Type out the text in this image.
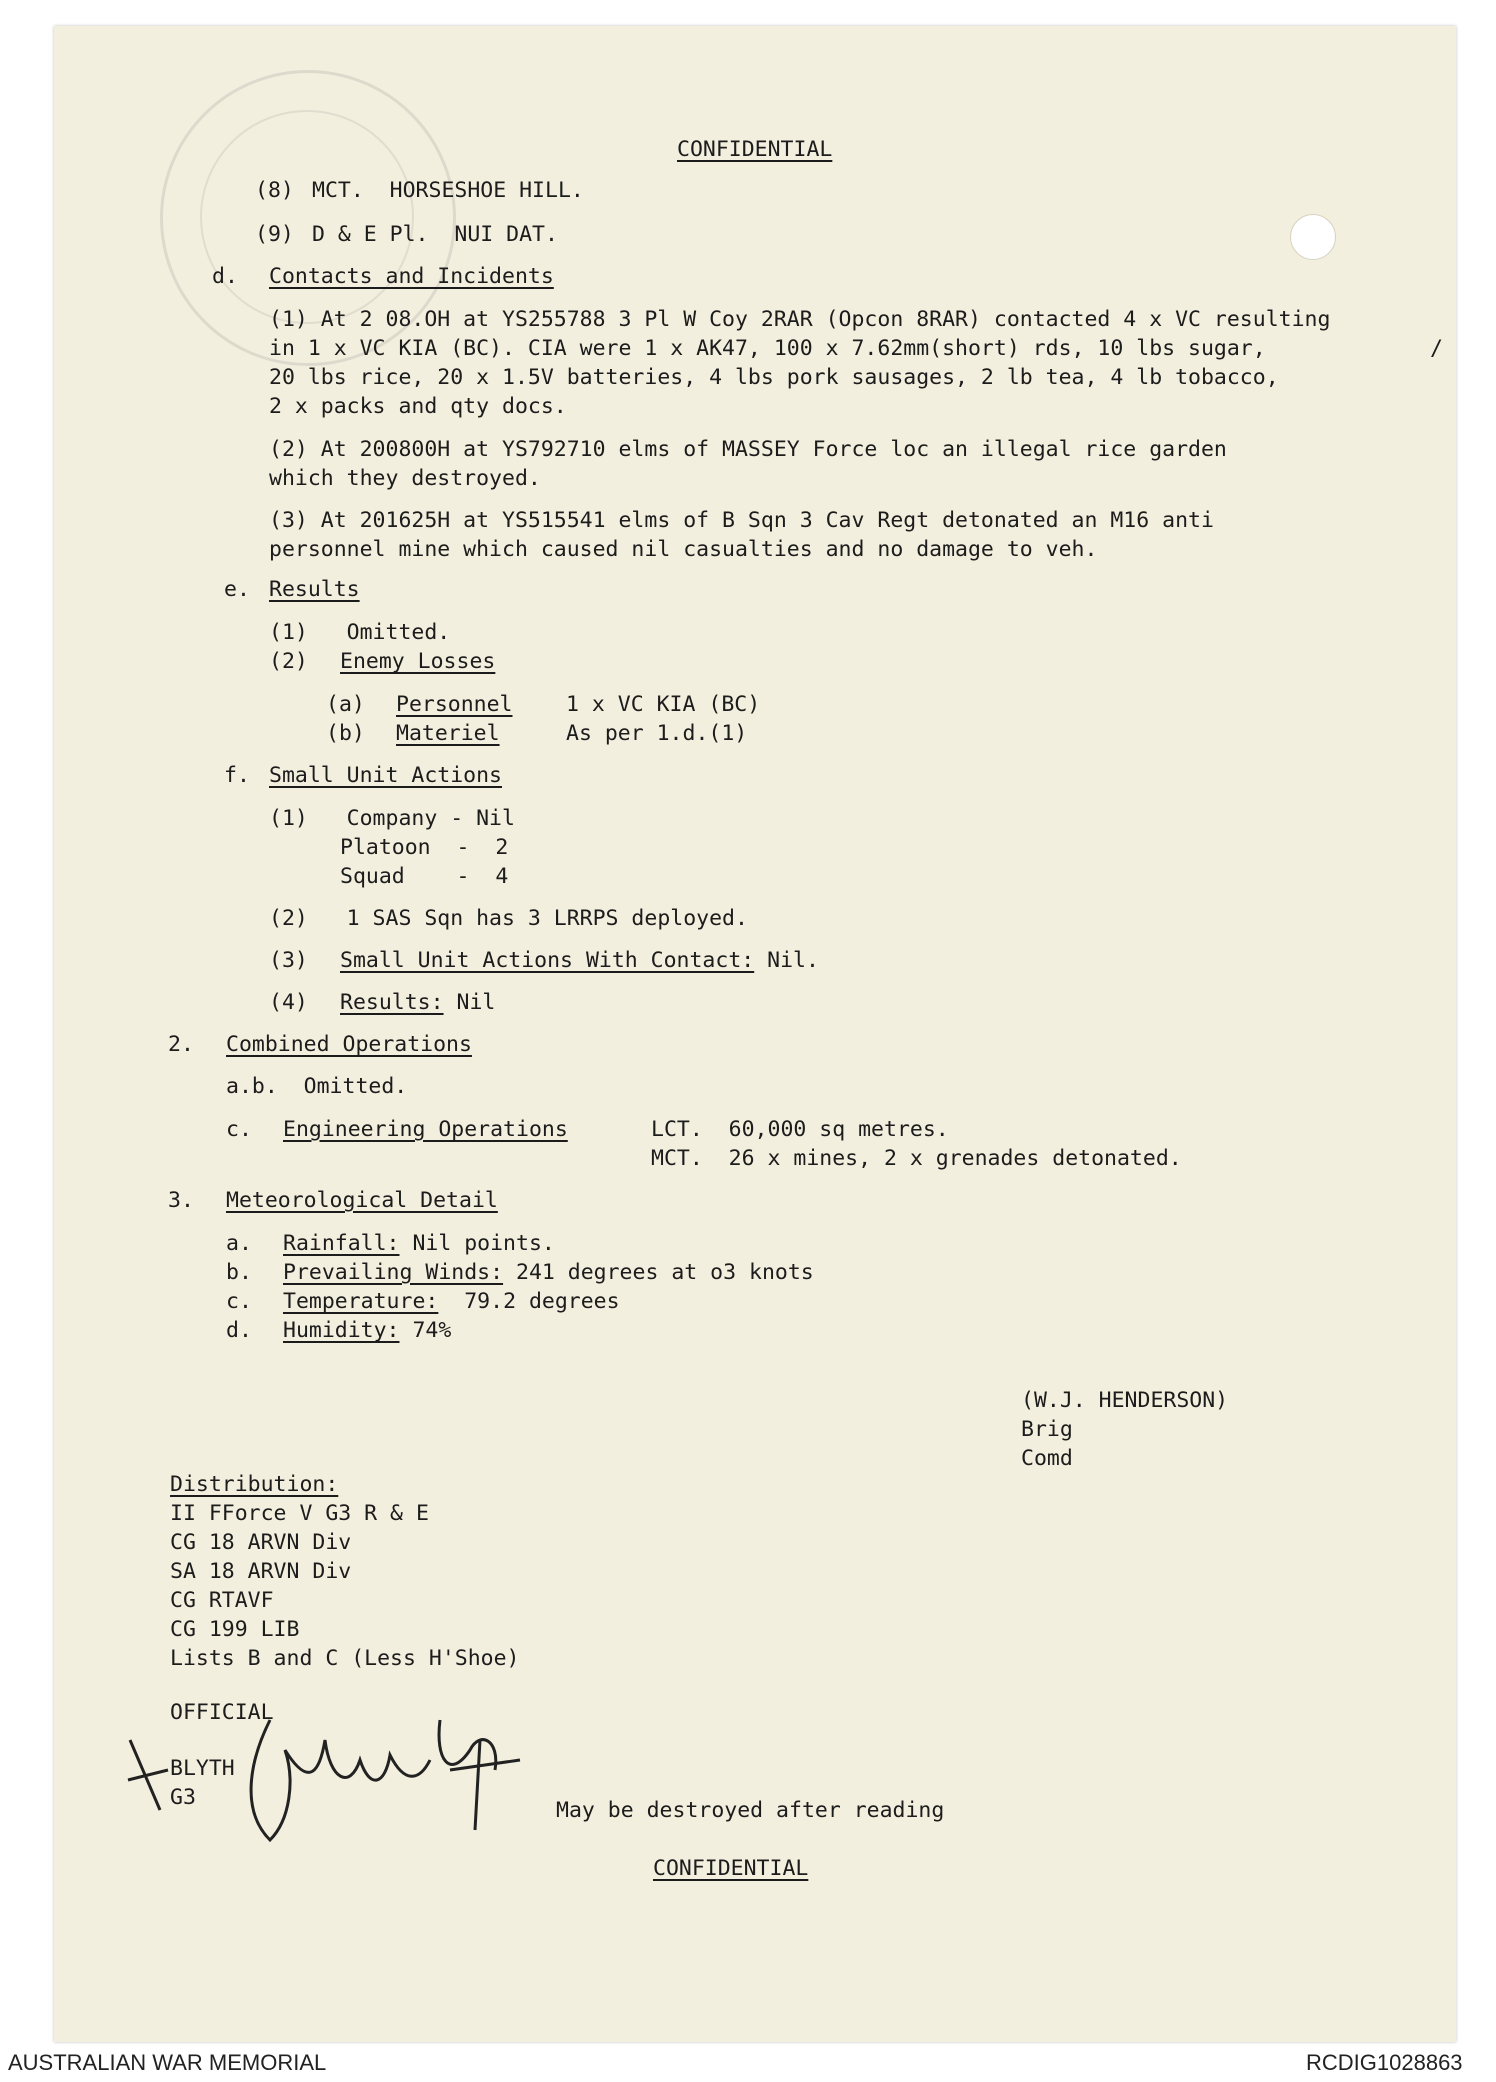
CONFIDENTIAL
(8) MCT.  HORSESHOE HILL.
(9) D & E Pl.  NUI DAT.
d. Contacts and Incidents
(1) At 2 08.OH at YS255788 3 Pl W Coy 2RAR (Opcon 8RAR) contacted 4 x VC resulting
in 1 x VC KIA (BC). CIA were 1 x AK47, 100 x 7.62mm(short) rds, 10 lbs sugar,	/
20 lbs rice, 20 x 1.5V batteries, 4 lbs pork sausages, 2 lb tea, 4 lb tobacco,
2 x packs and qty docs.
(2) At 200800H at YS792710 elms of MASSEY Force loc an illegal rice garden
which they destroyed.
(3) At 201625H at YS515541 elms of B Sqn 3 Cav Regt detonated an M16 anti
personnel mine which caused nil casualties and no damage to veh.
e. Results
(1)   Omitted.
(2) Enemy Losses
(a) Personnel 1 x VC KIA (BC)
(b) Materiel	As per 1.d.(1)
f. Small Unit Actions
(1)   Company - Nil
Platoon  -  2
Squad    -  4
(2)   1 SAS Sqn has 3 LRRPS deployed.
(3) Small Unit Actions With Contact: Nil.
(4) Results: Nil
2. Combined Operations
a.b.  Omitted.
c. Engineering Operations	LCT.  60,000 sq metres.
MCT.  26 x mines, 2 x grenades detonated.
3. Meteorological Detail
a. Rainfall: Nil points.
b. Prevailing Winds: 241 degrees at o3 knots
c. Temperature:  79.2 degrees
d. Humidity: 74%
(W.J. HENDERSON)
Brig
Comd
Distribution:
II FForce V G3 R & E
CG 18 ARVN Div
SA 18 ARVN Div
CG RTAVF
CG 199 LIB
Lists B and C (Less H'Shoe)
OFFICIAL
BLYTH
G3
May be destroyed after reading
CONFIDENTIAL
AUSTRALIAN WAR MEMORIAL	RCDIG1028863
